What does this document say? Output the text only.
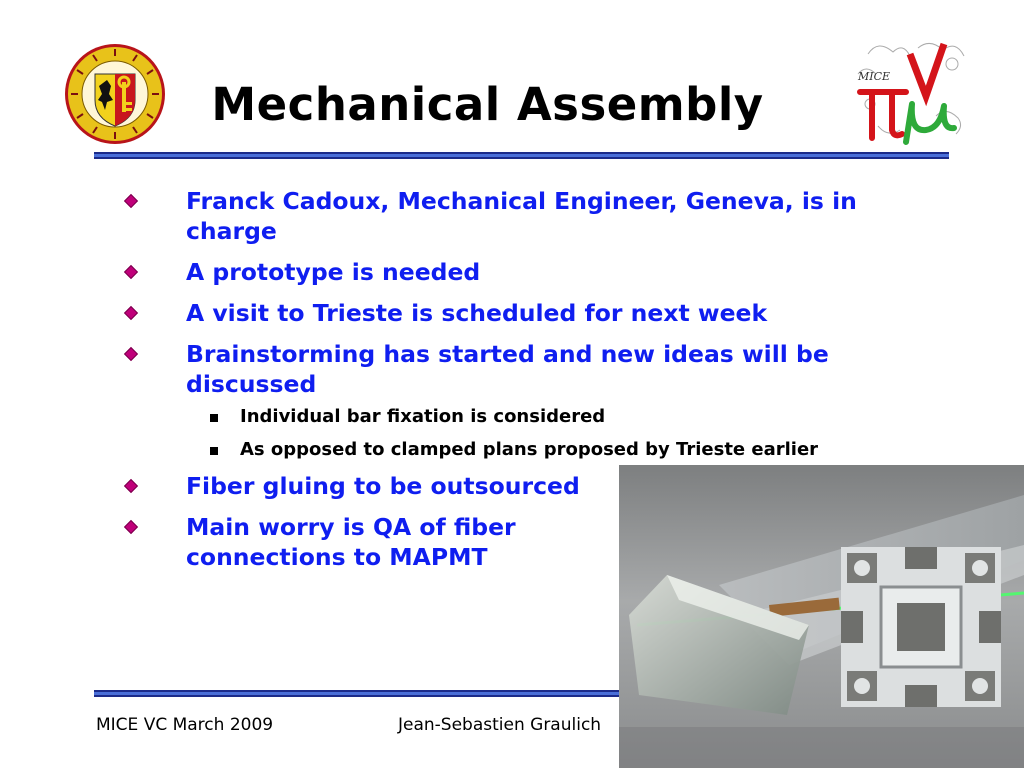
MICE
Mechanical Assembly
Franck Cadoux, Mechanical Engineer, Geneva, is in charge
A prototype is needed
A visit to Trieste is scheduled for next week
Brainstorming has started and new ideas will be discussed
Individual bar fixation is considered
As opposed to clamped plans proposed by Trieste earlier
Fiber gluing to be outsourced
Main worry is QA of fiber connections to MAPMT
MICE VC March 2009	Jean-Sebastien Graulich
